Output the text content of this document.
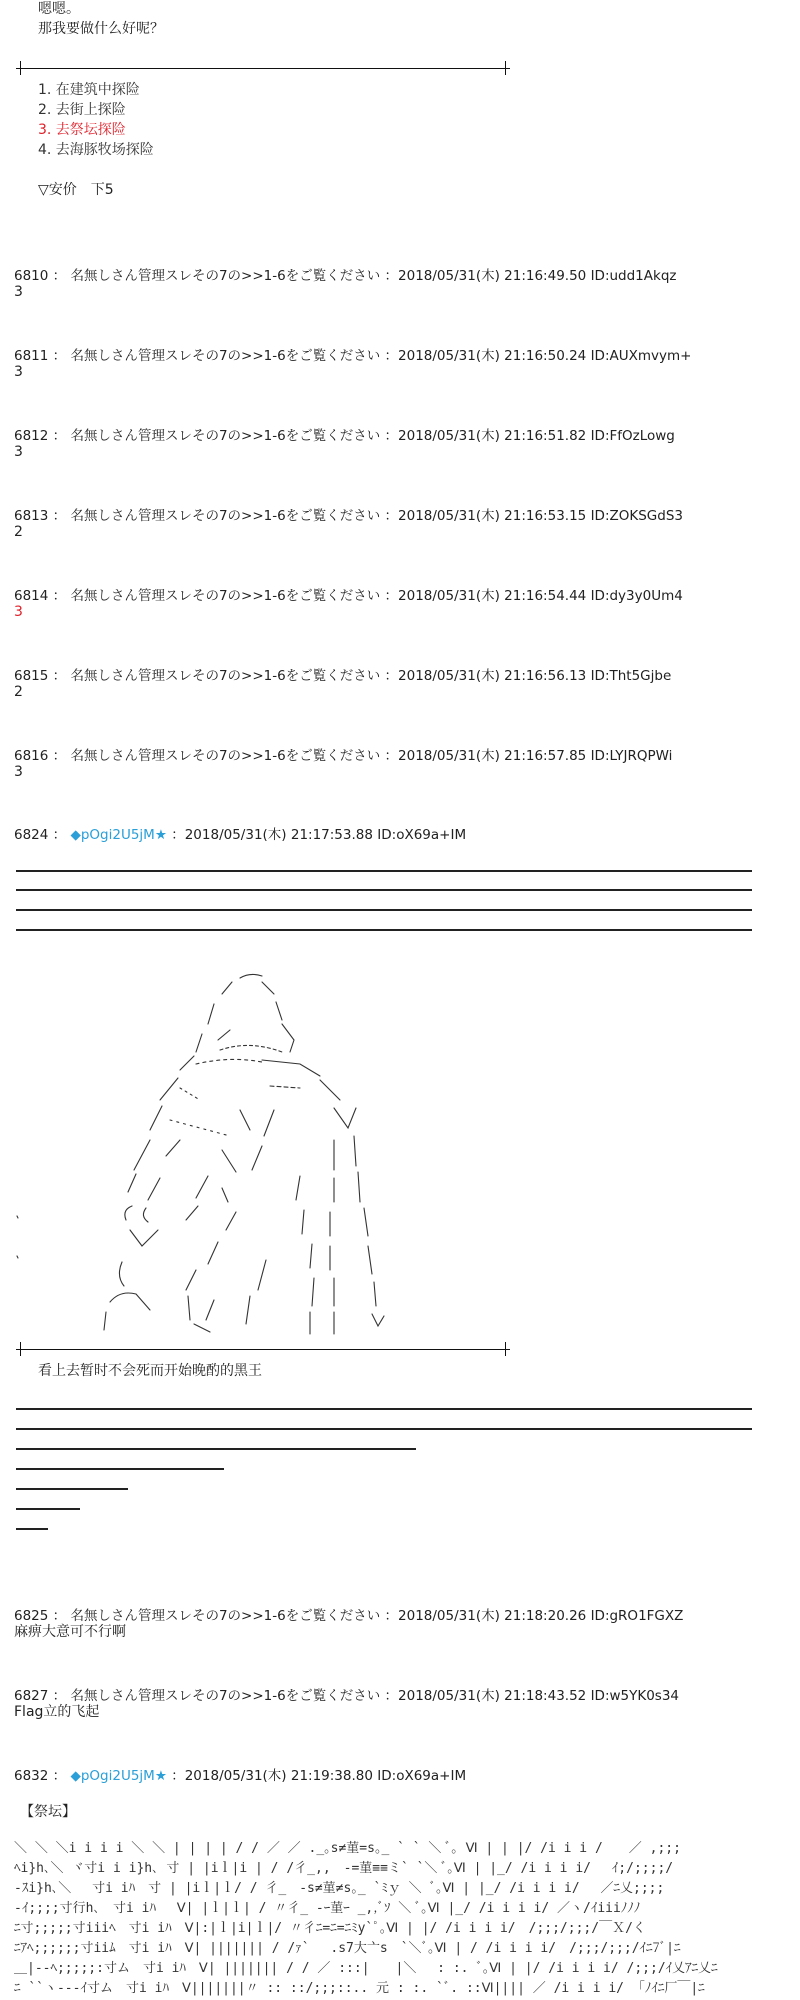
嗯嗯。
那我要做什么好呢？
1. 在建筑中探险
2. 去街上探险
3. 去祭坛探险
4. 去海豚牧场探险
▽安价　下5
6810 ： 名無しさん管理スレその7の>>1-6をご覧ください ：2018/05/31(木) 21:16:49.50 ID:udd1Akqz
3
6811 ： 名無しさん管理スレその7の>>1-6をご覧ください ：2018/05/31(木) 21:16:50.24 ID:AUXmvym+
3
6812 ： 名無しさん管理スレその7の>>1-6をご覧ください ：2018/05/31(木) 21:16:51.82 ID:FfOzLowg
3
6813 ： 名無しさん管理スレその7の>>1-6をご覧ください ：2018/05/31(木) 21:16:53.15 ID:ZOKSGdS3
2
6814 ： 名無しさん管理スレその7の>>1-6をご覧ください ：2018/05/31(木) 21:16:54.44 ID:dy3y0Um4
3
6815 ： 名無しさん管理スレその7の>>1-6をご覧ください ：2018/05/31(木) 21:16:56.13 ID:Tht5Gjbe
2
6816 ： 名無しさん管理スレその7の>>1-6をご覧ください ：2018/05/31(木) 21:16:57.85 ID:LYJRQPWi
3
6824 ： ◆pOgi2U5jM★ ：2018/05/31(木) 21:17:53.88 ID:oX69a+IM
看上去暂时不会死而开始晚酌的黑王
6825 ： 名無しさん管理スレその7の>>1-6をご覧ください ：2018/05/31(木) 21:18:20.26 ID:gRO1FGXZ
麻痹大意可不行啊
6827 ： 名無しさん管理スレその7の>>1-6をご覧ください ：2018/05/31(木) 21:18:43.52 ID:w5YK0s34
Flag立的飞起
6832 ： ◆pOgi2U5jM★ ：2018/05/31(木) 21:19:38.80 ID:oX69a+IM
【祭坛】
＼ ＼ ＼i i i i ＼ ＼ | | | | / / ／ ／ ._｡s≠菫=s｡_ ` ` ＼ ﾞ｡ Ⅵ | | |/ /i i i /　　／ ,;;;
ﾍi}h､＼ ヾ寸i i i}h､ 寸 | |iｌ|i | / /彳_,,　-=菫≡≡ミ` `＼ ﾞ｡Ⅵ | |_/ /i i i i/　 ｲ;/;;;;/
-ｽi}h､＼　 寸i iﾊ　寸 | |iｌ|ｌ/ / 彳_　-s≠菫≠s｡_ `ﾐｙ ＼ ﾞ｡Ⅵ | |_/ /i i i i/　 ／ﾆ乂;;;;
-ｲ;;;;寸行h､　寸i iﾊ　 Ⅴ| |ｌ|ｌ| / 〃彳_ -ｰ菫ｰ _,,ﾞｿ ＼ ﾞ｡Ⅵ |_/ /i i i i/ ／ヽ/ｲiiiﾉﾉﾉ
ﾆ寸;;;;;寸iiiﾍ　寸i iﾊ　Ⅴ|:|ｌ|i|ｌ|/ 〃彳ﾆ=ﾆ=ﾆﾐy`ﾟ｡Ⅵ | |/ /i i i i/　/;;;/;;;/￣Ｘ/く
ﾆｱﾍ;;;;;;寸iiﾑ　寸i iﾊ　Ⅴ| ||||||| / /ｧ`　 .s7大亠s　`＼ﾞ｡Ⅵ | / /i i i i/　/;;;/;;;/ｲﾆ7ﾞ|ﾆ
＿|-‐ﾍ;;;;;:寸ム　寸i iﾊ　Ⅴ| ||||||| / / ／ :::|　　|＼　 : :. ﾞ｡Ⅵ | |/ /i i i i/ /;;;/ｲ乂ｱﾆ乂ﾆ
ﾆ ``ヽ-‐-ｲ寸ム　寸i iﾊ　Ⅴ|||||||〃 :: ::/;;;::.. 元 : :. `ﾞ. ::Ⅵ|||| ／ /i i i i/ 「ﾉｲﾆ厂￣|ﾆ
